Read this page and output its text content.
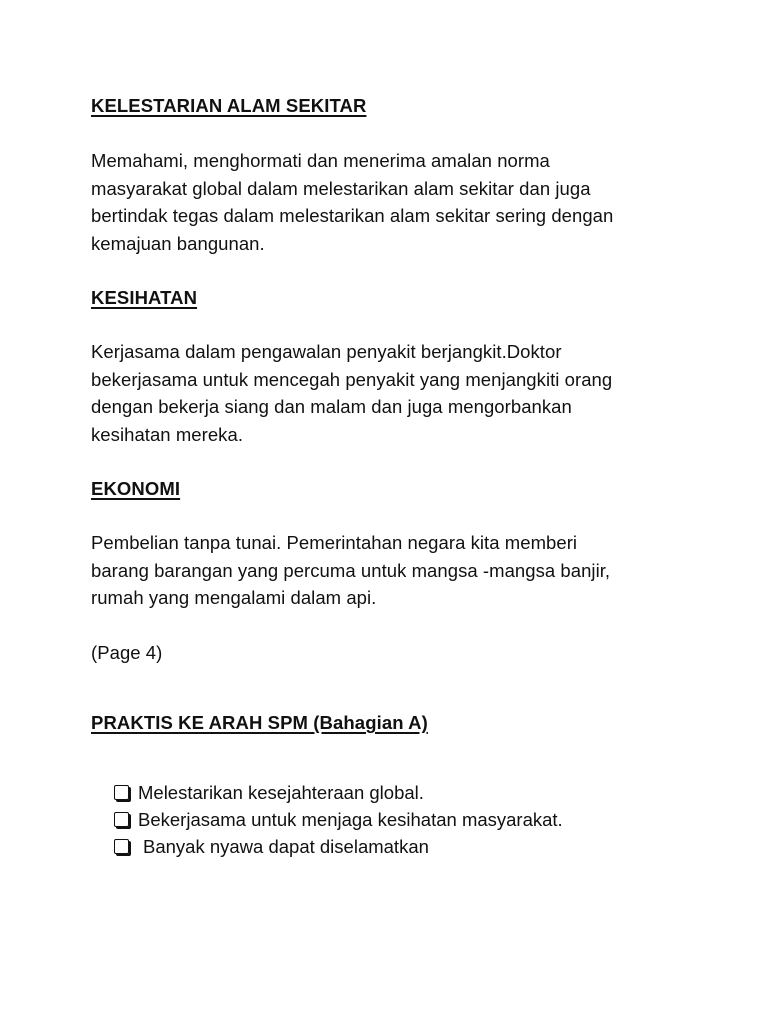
KELESTARIAN ALAM SEKITAR

Memahami, menghormati dan menerima amalan norma
masyarakat global dalam melestarikan alam sekitar dan juga
bertindak tegas dalam melestarikan alam sekitar sering dengan
kemajuan bangunan.

KESIHATAN

Kerjasama dalam pengawalan penyakit berjangkit.Doktor
bekerjasama untuk mencegah penyakit yang menjangkiti orang
dengan bekerja siang dan malam dan juga mengorbankan
kesihatan mereka.

EKONOMI

Pembelian tanpa tunai. Pemerintahan negara kita memberi
barang barangan yang percuma untuk mangsa -mangsa banjir,
rumah yang mengalami dalam api.

(Page 4)

PRAKTIS KE ARAH SPM (Bahagian A)
Melestarikan kesejahteraan global.
Bekerjasama untuk menjaga kesihatan masyarakat.
Banyak nyawa dapat diselamatkan
